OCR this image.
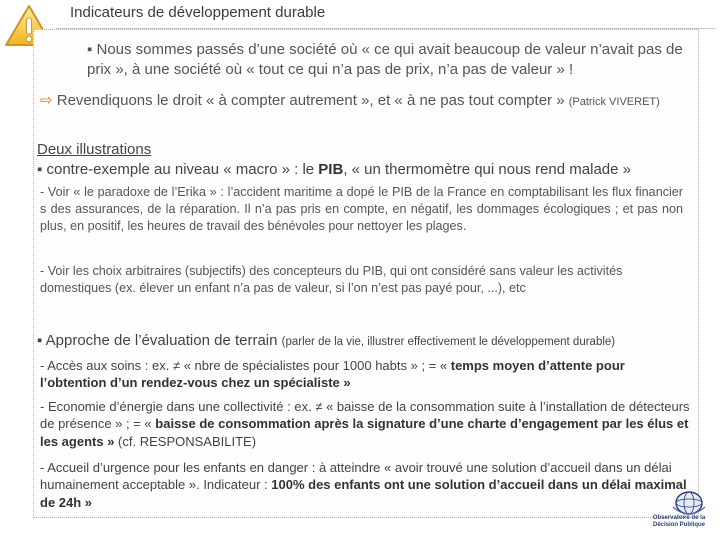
Indicateurs de développement durable
▪ Nous sommes passés d’une société où « ce qui avait beaucoup de valeur n’avait pas de prix », à une société où « tout ce qui n’a pas de prix, n’a pas de valeur » !
⇨ Revendiquons le droit « à compter autrement », et « à ne pas tout compter » (Patrick VIVERET)
Deux illustrations
▪ contre-exemple au niveau « macro » : le PIB, « un thermomètre qui nous rend malade »
- Voir « le paradoxe de l’Erika » : l’accident maritime a dopé le PIB de la France en comptabilisant les flux financier s des assurances, de la réparation. Il n’a pas pris en compte, en négatif, les dommages écologiques ; et pas non plus, en positif, les heures de travail des bénévoles pour nettoyer les plages.
- Voir les choix arbitraires (subjectifs) des concepteurs du PIB, qui ont considéré sans valeur les activités domestiques (ex. élever un enfant n’a pas de valeur, si l’on n’est pas payé pour, ...), etc
▪ Approche de l’évaluation de terrain (parler de la vie, illustrer effectivement le développement durable)
- Accès aux soins : ex. ≠ « nbre de spécialistes pour 1000 habts » ; = « temps moyen d’attente pour l’obtention d’un rendez-vous chez un spécialiste »
- Economie d’énergie dans une collectivité : ex. ≠ « baisse de la consommation suite à l’installation de détecteurs de présence » ; = « baisse de consommation après la signature d’une charte d’engagement par les élus et les agents » (cf. RESPONSABILITE)
- Accueil d’urgence pour les enfants en danger : à atteindre « avoir trouvé une solution d’accueil dans un délai humainement acceptable ». Indicateur : 100% des enfants ont une solution d’accueil dans un délai maximal de 24h »
Observatoire de la
Décision Publique
